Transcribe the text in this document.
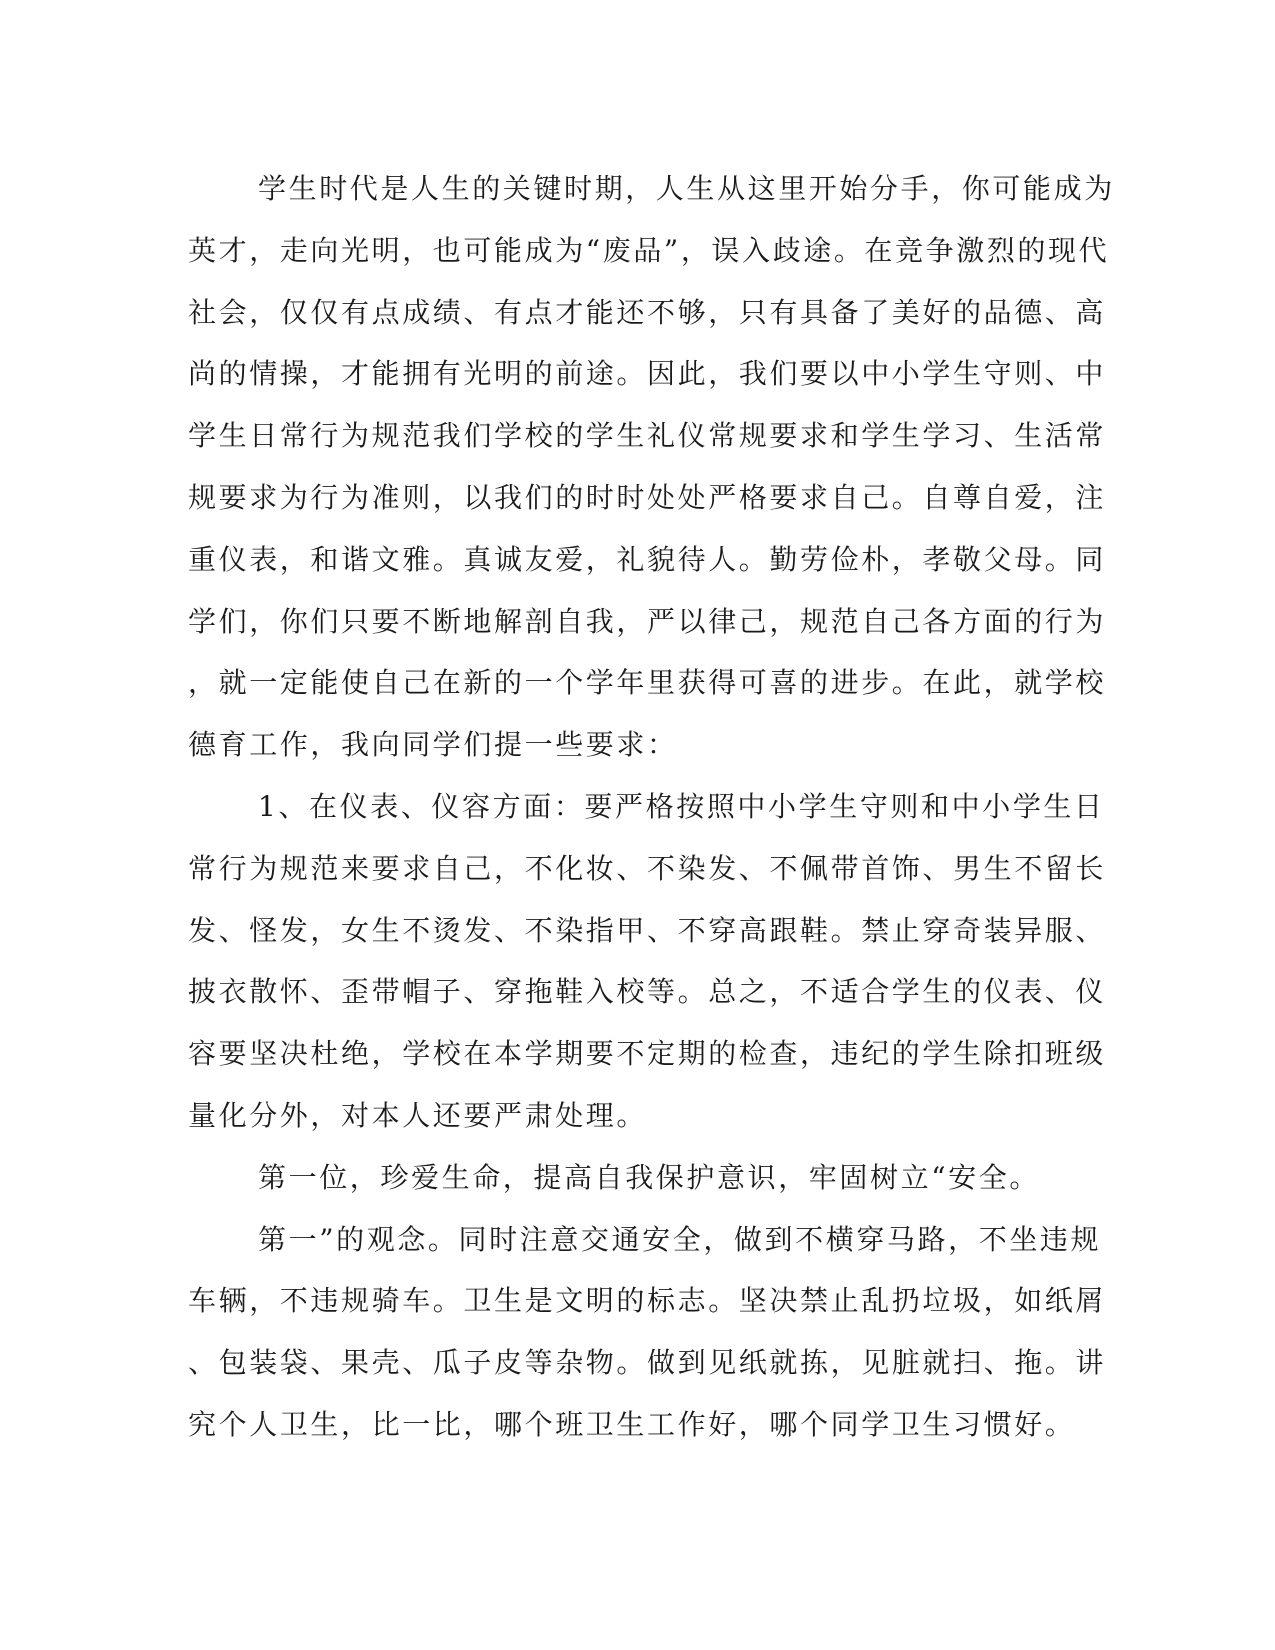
学生时代是人生的关键时期，人生从这里开始分手，你可能成为
英才，走向光明，也可能成为“废品”，误入歧途。在竞争激烈的现代
社会，仅仅有点成绩、有点才能还不够，只有具备了美好的品德、高
尚的情操，才能拥有光明的前途。因此，我们要以中小学生守则、中
学生日常行为规范我们学校的学生礼仪常规要求和学生学习、生活常
规要求为行为准则，以我们的时时处处严格要求自己。自尊自爱，注
重仪表，和谐文雅。真诚友爱，礼貌待人。勤劳俭朴，孝敬父母。同
学们，你们只要不断地解剖自我，严以律己，规范自己各方面的行为
，就一定能使自己在新的一个学年里获得可喜的进步。在此，就学校
德育工作，我向同学们提一些要求：
1、在仪表、仪容方面：要严格按照中小学生守则和中小学生日
常行为规范来要求自己，不化妆、不染发、不佩带首饰、男生不留长
发、怪发，女生不烫发、不染指甲、不穿高跟鞋。禁止穿奇装异服、
披衣散怀、歪带帽子、穿拖鞋入校等。总之，不适合学生的仪表、仪
容要坚决杜绝，学校在本学期要不定期的检查，违纪的学生除扣班级
量化分外，对本人还要严肃处理。
第一位，珍爱生命，提高自我保护意识，牢固树立“安全。
第一”的观念。同时注意交通安全，做到不横穿马路，不坐违规
车辆，不违规骑车。卫生是文明的标志。坚决禁止乱扔垃圾，如纸屑
、包装袋、果壳、瓜子皮等杂物。做到见纸就拣，见脏就扫、拖。讲
究个人卫生，比一比，哪个班卫生工作好，哪个同学卫生习惯好。
